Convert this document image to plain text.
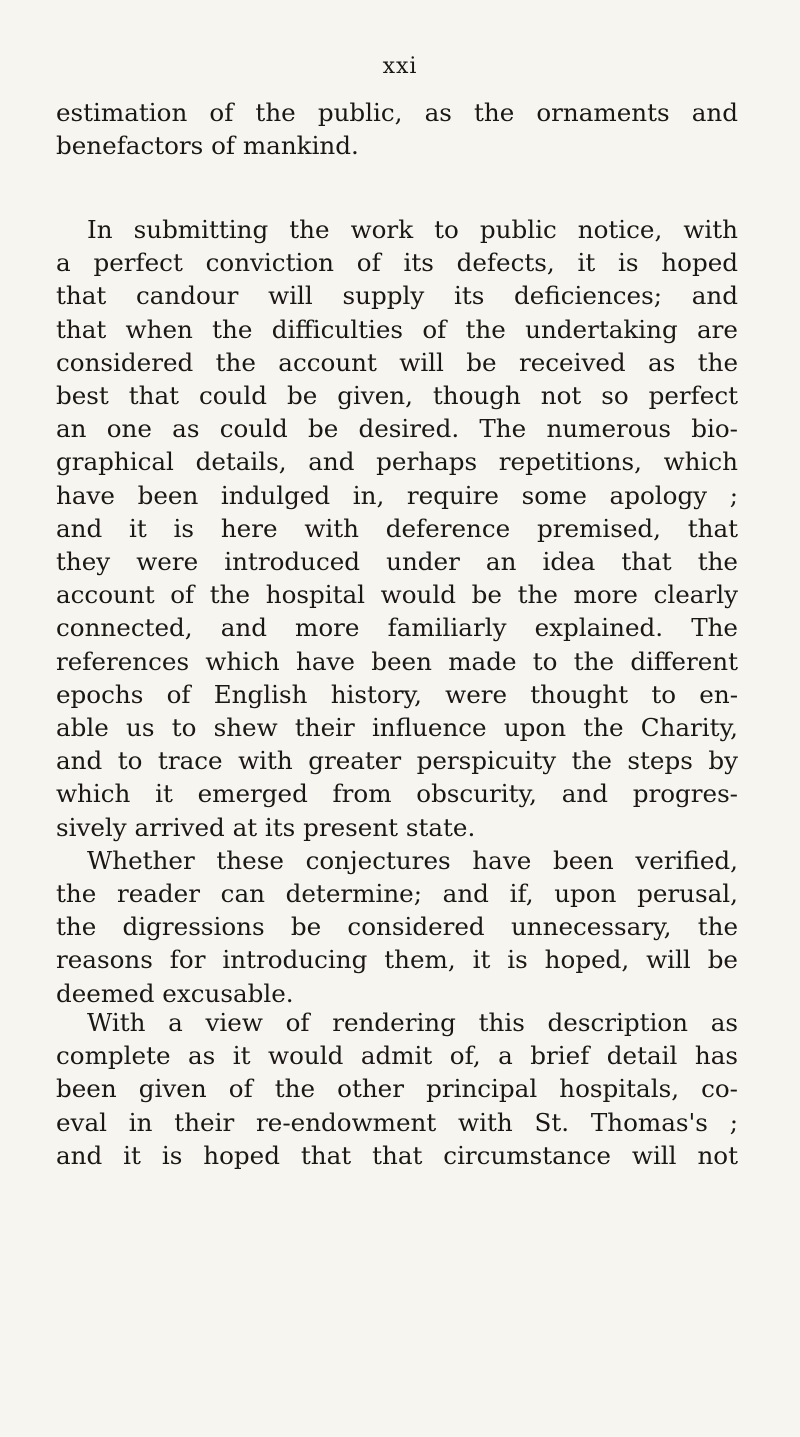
xxi
estimation of the public, as the ornaments and
benefactors of mankind.
In submitting the work to public notice, with
a perfect conviction of its defects, it is hoped
that candour will supply its deficiences; and
that when the difficulties of the undertaking are
considered the account will be received as the
best that could be given, though not so perfect
an one as could be desired. The numerous bio-
graphical details, and perhaps repetitions, which
have been indulged in, require some apology ;
and it is here with deference premised, that
they were introduced under an idea that the
account of the hospital would be the more clearly
connected, and more familiarly explained. The
references which have been made to the different
epochs of English history, were thought to en-
able us to shew their influence upon the Charity,
and to trace with greater perspicuity the steps by
which it emerged from obscurity, and progres-
sively arrived at its present state.
Whether these conjectures have been verified,
the reader can determine; and if, upon perusal,
the digressions be considered unnecessary, the
reasons for introducing them, it is hoped, will be
deemed excusable.
With a view of rendering this description as
complete as it would admit of, a brief detail has
been given of the other principal hospitals, co-
eval in their re-endowment with St. Thomas's ;
and it is hoped that that circumstance will not
